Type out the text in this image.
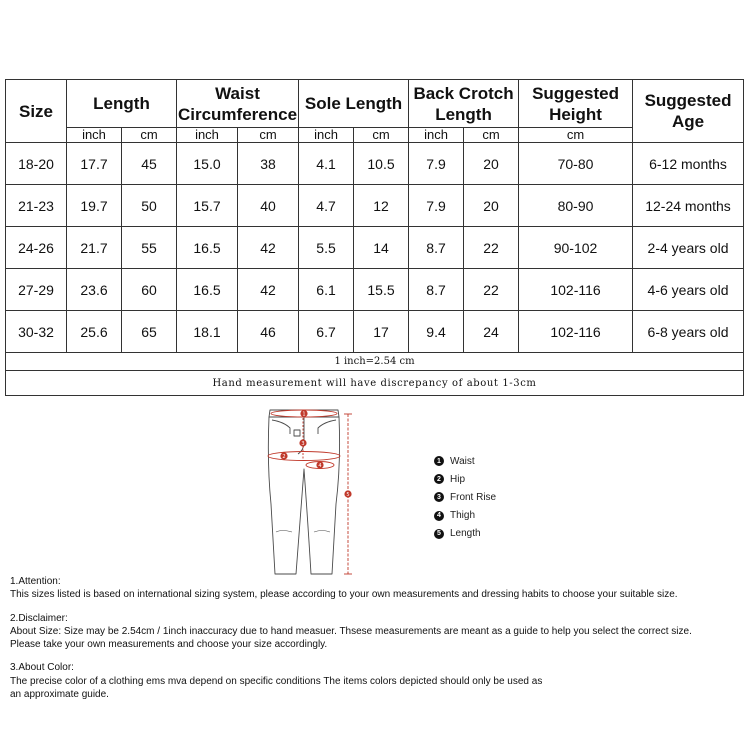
Size	Length		Waist Circumference		Sole Length		Back Crotch Length		Suggested Height	Suggested Age
	inch	cm	inch	cm	inch	cm	inch	cm	cm	
18-20	17.7	45	15.0	38	4.1	10.5	7.9	20	70-80	6-12 months
21-23	19.7	50	15.7	40	4.7	12	7.9	20	80-90	12-24 months
24-26	21.7	55	16.5	42	5.5	14	8.7	22	90-102	2-4 years old
27-29	23.6	60	16.5	42	6.1	15.5	8.7	22	102-116	4-6 years old
30-32	25.6	65	18.1	46	6.7	17	9.4	24	102-116	6-8 years old
1 inch=2.54 cm										
Hand measurement will have discrepancy of about 1-3cm										
1
2
3
4
5
1 Waist
2 Hip
3 Front Rise
4 Thigh
5 Length

1.Attention:

This sizes listed is based on international sizing system, please according to your own measurements and dressing habits to choose your suitable size.

2.Disclaimer:

About Size: Size may be 2.54cm / 1inch inaccuracy due to hand measuer. Thsese measurements are meant as a guide to help you select the correct size.

Please take your own measurements and choose your size accordingly.

3.About Color:

The precise color of a clothing ems mva depend on specific conditions The items colors depicted should only be used as

an approximate guide.
